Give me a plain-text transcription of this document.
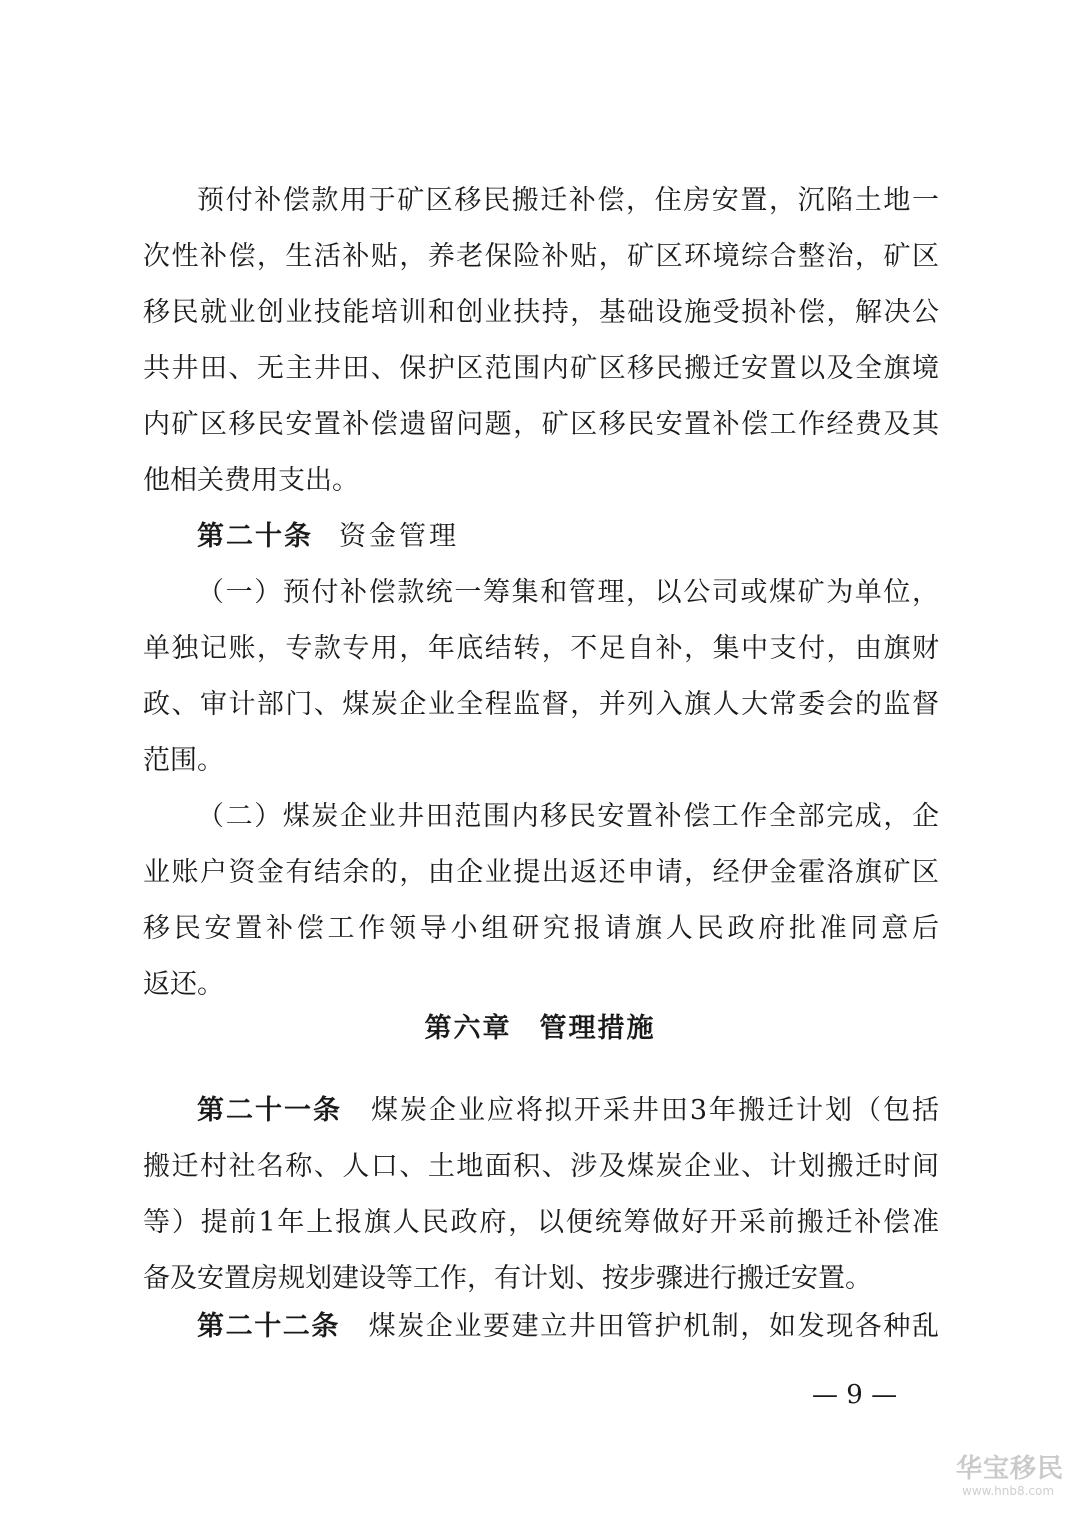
预付补偿款用于矿区移民搬迁补偿，住房安置，沉陷土地一
次性补偿，生活补贴，养老保险补贴，矿区环境综合整治，矿区
移民就业创业技能培训和创业扶持，基础设施受损补偿，解决公
共井田、无主井田、保护区范围内矿区移民搬迁安置以及全旗境
内矿区移民安置补偿遗留问题，矿区移民安置补偿工作经费及其
他相关费用支出。
第二十条 资金管理
（一）预付补偿款统一筹集和管理，以公司或煤矿为单位，
单独记账，专款专用，年底结转，不足自补，集中支付，由旗财
政、审计部门、煤炭企业全程监督，并列入旗人大常委会的监督
范围。
（二）煤炭企业井田范围内移民安置补偿工作全部完成，企
业账户资金有结余的，由企业提出返还申请，经伊金霍洛旗矿区
移民安置补偿工作领导小组研究报请旗人民政府批准同意后
返还。
第六章 管理措施
第二十一条  煤炭企业应将拟开采井田3年搬迁计划（包括
搬迁村社名称、人口、土地面积、涉及煤炭企业、计划搬迁时间
等）提前1年上报旗人民政府，以便统筹做好开采前搬迁补偿准
备及安置房规划建设等工作，有计划、按步骤进行搬迁安置。
第二十二条  煤炭企业要建立井田管护机制，如发现各种乱
— 9 —
华宝移民
www.hnb8.com
